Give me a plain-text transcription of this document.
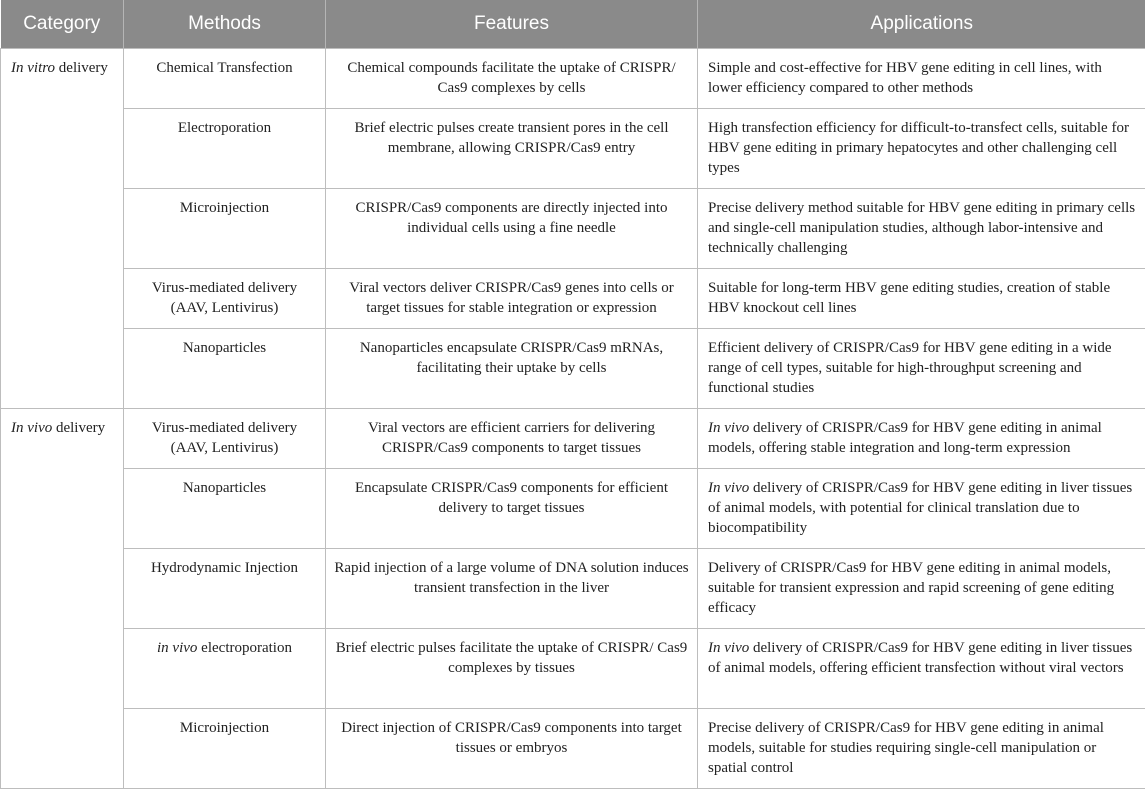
Category	Methods	Features	Applications
In vitro delivery	Chemical Transfection	Chemical compounds facilitate the uptake of CRISPR/ Cas9 complexes by cells	Simple and cost-effective for HBV gene editing in cell lines, with lower efficiency compared to other methods
	Electroporation	Brief electric pulses create transient pores in the cell membrane, allowing CRISPR/Cas9 entry	High transfection efficiency for difficult-to-transfect cells, suitable for HBV gene editing in primary hepatocytes and other challenging cell types
	Microinjection	CRISPR/Cas9 components are directly injected into individual cells using a fine needle	Precise delivery method suitable for HBV gene editing in primary cells and single-cell manipulation studies, although labor-intensive and technically challenging
	Virus-mediated delivery (AAV, Lentivirus)	Viral vectors deliver CRISPR/Cas9 genes into cells or target tissues for stable integration or expression	Suitable for long-term HBV gene editing studies, creation of stable HBV knockout cell lines
	Nanoparticles	Nanoparticles encapsulate CRISPR/Cas9 mRNAs, facilitating their uptake by cells	Efficient delivery of CRISPR/Cas9 for HBV gene editing in a wide range of cell types, suitable for high-throughput screening and functional studies
In vivo delivery	Virus-mediated delivery (AAV, Lentivirus)	Viral vectors are efficient carriers for delivering CRISPR/Cas9 components to target tissues	In vivo delivery of CRISPR/Cas9 for HBV gene editing in animal models, offering stable integration and long-term expression
	Nanoparticles	Encapsulate CRISPR/Cas9 components for efficient delivery to target tissues	In vivo delivery of CRISPR/Cas9 for HBV gene editing in liver tissues of animal models, with potential for clinical translation due to biocompatibility
	Hydrodynamic Injection	Rapid injection of a large volume of DNA solution induces transient transfection in the liver	Delivery of CRISPR/Cas9 for HBV gene editing in animal models, suitable for transient expression and rapid screening of gene editing efficacy
	in vivo electroporation	Brief electric pulses facilitate the uptake of CRISPR/ Cas9 complexes by tissues	In vivo delivery of CRISPR/Cas9 for HBV gene editing in liver tissues of animal models, offering efficient transfection without viral vectors
	Microinjection	Direct injection of CRISPR/Cas9 components into target tissues or embryos	Precise delivery of CRISPR/Cas9 for HBV gene editing in animal models, suitable for studies requiring single-cell manipulation or spatial control
